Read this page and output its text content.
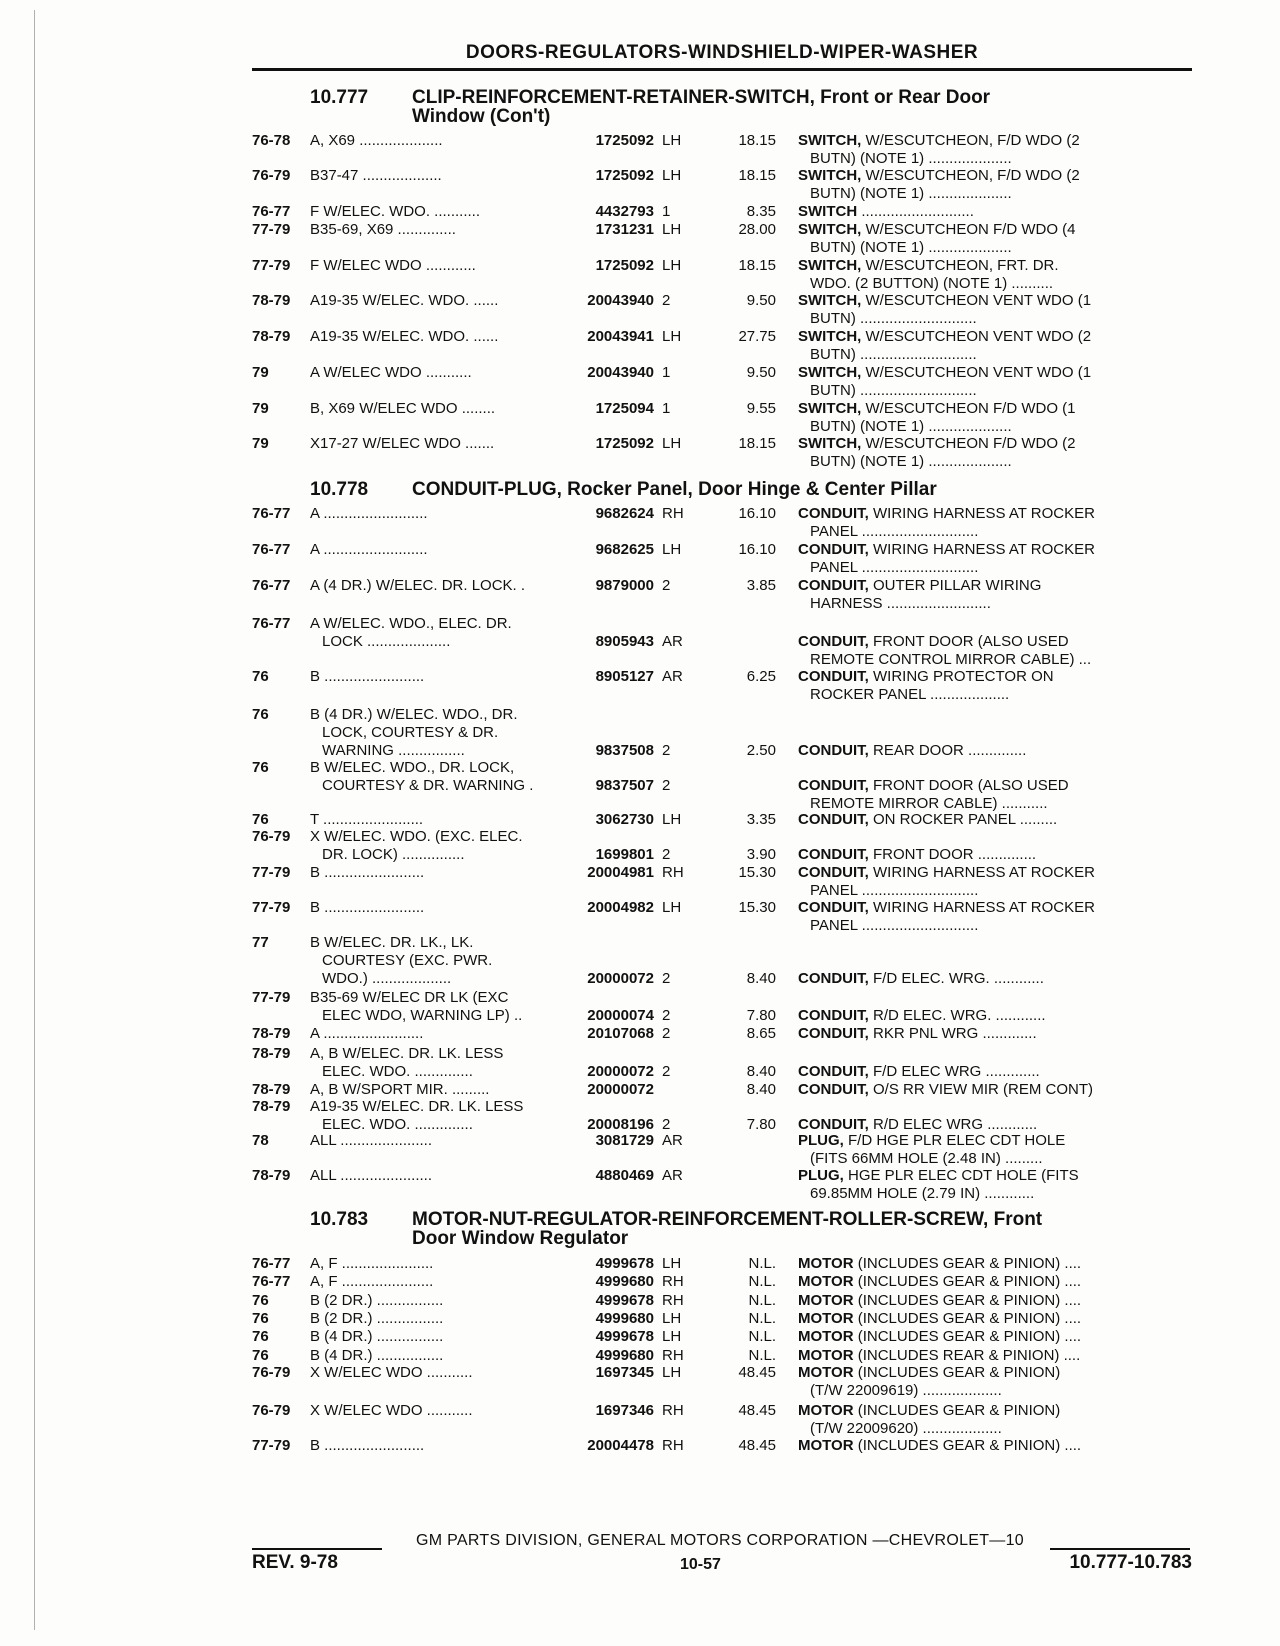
DOORS-REGULATORS-WINDSHIELD-WIPER-WASHER
10.777 CLIP-REINFORCEMENT-RETAINER-SWITCH, Front or Rear Door
Window (Con't)
10.778 CONDUIT-PLUG, Rocker Panel, Door Hinge & Center Pillar
10.783 MOTOR-NUT-REGULATOR-REINFORCEMENT-ROLLER-SCREW, Front
Door Window Regulator
76-78 A, X69 ....................	1725092 LH	18.15 SWITCH, W/ESCUTCHEON, F/D WDO (2
BUTN) (NOTE 1) ....................
76-79 B37-47 ...................	1725092 LH	18.15 SWITCH, W/ESCUTCHEON, F/D WDO (2
BUTN) (NOTE 1) ....................
76-77 F W/ELEC. WDO. ...........	4432793 1	8.35 SWITCH ...........................
77-79 B35-69, X69 ..............	1731231 LH	28.00 SWITCH, W/ESCUTCHEON F/D WDO (4
BUTN) (NOTE 1) ....................
77-79 F W/ELEC WDO ............	1725092 LH	18.15 SWITCH, W/ESCUTCHEON, FRT. DR.
WDO. (2 BUTTON) (NOTE 1) ..........
78-79 A19-35 W/ELEC. WDO. ......	20043940 2	9.50 SWITCH, W/ESCUTCHEON VENT WDO (1
BUTN) ............................
78-79 A19-35 W/ELEC. WDO. ......	20043941 LH	27.75 SWITCH, W/ESCUTCHEON VENT WDO (2
BUTN) ............................
79	A W/ELEC WDO ...........	20043940 1	9.50 SWITCH, W/ESCUTCHEON VENT WDO (1
BUTN) ............................
79	B, X69 W/ELEC WDO ........	1725094 1	9.55 SWITCH, W/ESCUTCHEON F/D WDO (1
BUTN) (NOTE 1) ....................
79	X17-27 W/ELEC WDO .......	1725092 LH	18.15 SWITCH, W/ESCUTCHEON F/D WDO (2
BUTN) (NOTE 1) ....................
76-77 A .........................	9682624 RH	16.10 CONDUIT, WIRING HARNESS AT ROCKER
PANEL ............................
76-77 A .........................	9682625 LH	16.10 CONDUIT, WIRING HARNESS AT ROCKER
PANEL ............................
76-77 A (4 DR.) W/ELEC. DR. LOCK. .	9879000 2	3.85 CONDUIT, OUTER PILLAR WIRING
HARNESS .........................
76-77 A W/ELEC. WDO., ELEC. DR.
LOCK ....................	8905943 AR	CONDUIT, FRONT DOOR (ALSO USED
REMOTE CONTROL MIRROR CABLE) ...
76	B ........................	8905127 AR	6.25 CONDUIT, WIRING PROTECTOR ON
ROCKER PANEL ...................
76	B (4 DR.) W/ELEC. WDO., DR.
LOCK, COURTESY & DR.
WARNING ................	9837508 2	2.50 CONDUIT, REAR DOOR ..............
76	B W/ELEC. WDO., DR. LOCK,
COURTESY & DR. WARNING .	9837507 2	CONDUIT, FRONT DOOR (ALSO USED
REMOTE MIRROR CABLE) ...........
76	T ........................	3062730 LH	3.35 CONDUIT, ON ROCKER PANEL .........
76-79 X W/ELEC. WDO. (EXC. ELEC.
DR. LOCK) ...............	1699801 2	3.90 CONDUIT, FRONT DOOR ..............
77-79 B ........................	20004981 RH	15.30 CONDUIT, WIRING HARNESS AT ROCKER
PANEL ............................
77-79 B ........................	20004982 LH	15.30 CONDUIT, WIRING HARNESS AT ROCKER
PANEL ............................
77	B W/ELEC. DR. LK., LK.
COURTESY (EXC. PWR.
WDO.) ...................	20000072 2	8.40 CONDUIT, F/D ELEC. WRG. ............
77-79 B35-69 W/ELEC DR LK (EXC
ELEC WDO, WARNING LP) ..	20000074 2	7.80 CONDUIT, R/D ELEC. WRG. ............
78-79 A ........................	20107068 2	8.65 CONDUIT, RKR PNL WRG .............
78-79 A, B W/ELEC. DR. LK. LESS
ELEC. WDO. ..............	20000072 2	8.40 CONDUIT, F/D ELEC WRG .............
78-79 A, B W/SPORT MIR. .........	20000072	8.40 CONDUIT, O/S RR VIEW MIR (REM CONT)
78-79 A19-35 W/ELEC. DR. LK. LESS
ELEC. WDO. ..............	20008196 2	7.80 CONDUIT, R/D ELEC WRG ............
78	ALL ......................	3081729 AR	PLUG, F/D HGE PLR ELEC CDT HOLE
(FITS 66MM HOLE (2.48 IN) .........
78-79 ALL ......................	4880469 AR	PLUG, HGE PLR ELEC CDT HOLE (FITS
69.85MM HOLE (2.79 IN) ............
76-77 A, F ......................	4999678 LH	N.L. MOTOR (INCLUDES GEAR & PINION) ....
76-77 A, F ......................	4999680 RH	N.L. MOTOR (INCLUDES GEAR & PINION) ....
76	B (2 DR.) ................	4999678 RH	N.L. MOTOR (INCLUDES GEAR & PINION) ....
76	B (2 DR.) ................	4999680 LH	N.L. MOTOR (INCLUDES GEAR & PINION) ....
76	B (4 DR.) ................	4999678 LH	N.L. MOTOR (INCLUDES GEAR & PINION) ....
76	B (4 DR.) ................	4999680 RH	N.L. MOTOR (INCLUDES REAR & PINION) ....
76-79 X W/ELEC WDO ...........	1697345 LH	48.45 MOTOR (INCLUDES GEAR & PINION)
(T/W 22009619) ...................
76-79 X W/ELEC WDO ...........	1697346 RH	48.45 MOTOR (INCLUDES GEAR & PINION)
(T/W 22009620) ...................
77-79 B ........................	20004478 RH	48.45 MOTOR (INCLUDES GEAR & PINION) ....
GM PARTS DIVISION, GENERAL MOTORS CORPORATION —CHEVROLET—10
REV. 9-78	10-57	10.777-10.783
